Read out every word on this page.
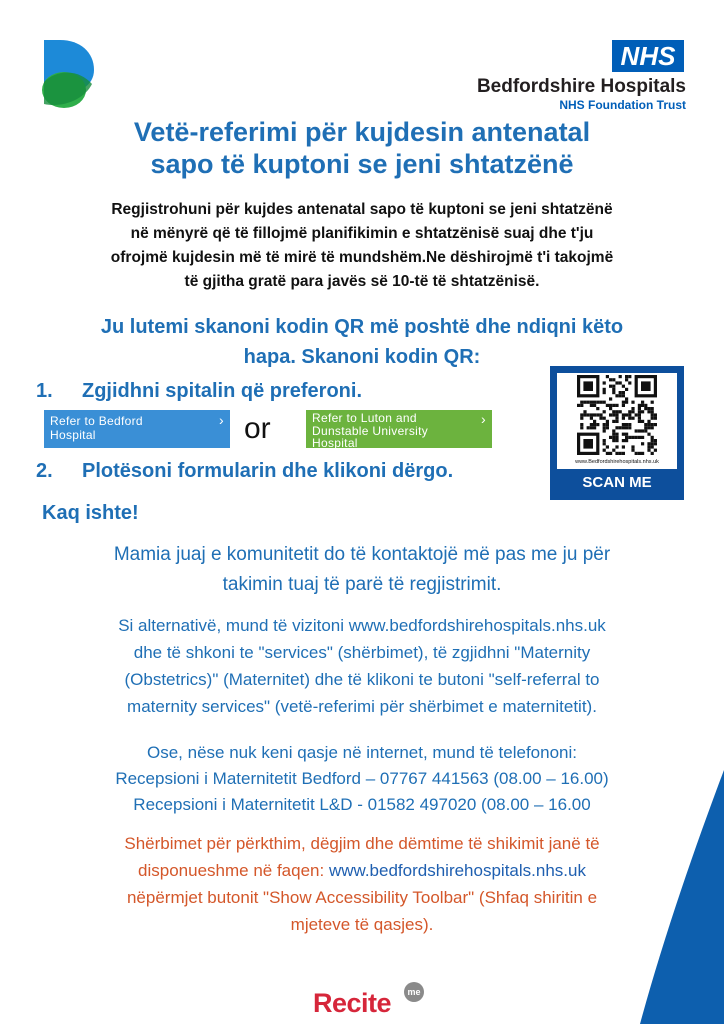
NHS
Bedfordshire Hospitals
NHS Foundation Trust
Vetë-referimi për kujdesin antenatal
sapo të kuptoni se jeni shtatzënë
Regjistrohuni për kujdes antenatal sapo të kuptoni se jeni shtatzënë
në mënyrë që të fillojmë planifikimin e shtatzënisë suaj dhe t'ju
ofrojmë kujdesin më të mirë të mundshëm.Ne dëshirojmë t'i takojmë
të gjitha gratë para javës së 10-të të shtatzënisë.
Ju lutemi skanoni kodin QR më poshtë dhe ndiqni këto
hapa. Skanoni kodin QR:
1. Zgjidhni spitalin që preferoni.
Refer to Bedford
Hospital
› or	Refer to Luton and
Dunstable University
Hospital
›
2. Plotësoni formularin dhe klikoni dërgo.	www.Bedfordshirehospitals.nhs.uk
SCAN ME
Kaq ishte!
Mamia juaj e komunitetit do të kontaktojë më pas me ju për
takimin tuaj të parë të regjistrimit.
Si alternativë, mund të vizitoni www.bedfordshirehospitals.nhs.uk
dhe të shkoni te "services" (shërbimet), të zgjidhni "Maternity
(Obstetrics)" (Maternitet) dhe të klikoni te butoni "self-referral to
maternity services" (vetë-referimi për shërbimet e maternitetit).
Ose, nëse nuk keni qasje në internet, mund të telefononi:
Recepsioni i Maternitetit Bedford – 07767 441563 (08.00 – 16.00)
Recepsioni i Maternitetit L&D - 01582 497020 (08.00 – 16.00
Shërbimet për përkthim, dëgjim dhe dëmtime të shikimit janë të
disponueshme në faqen: www.bedfordshirehospitals.nhs.uk
nëpërmjet butonit "Show Accessibility Toolbar" (Shfaq shiritin e
mjeteve të qasjes).
Recite	me
